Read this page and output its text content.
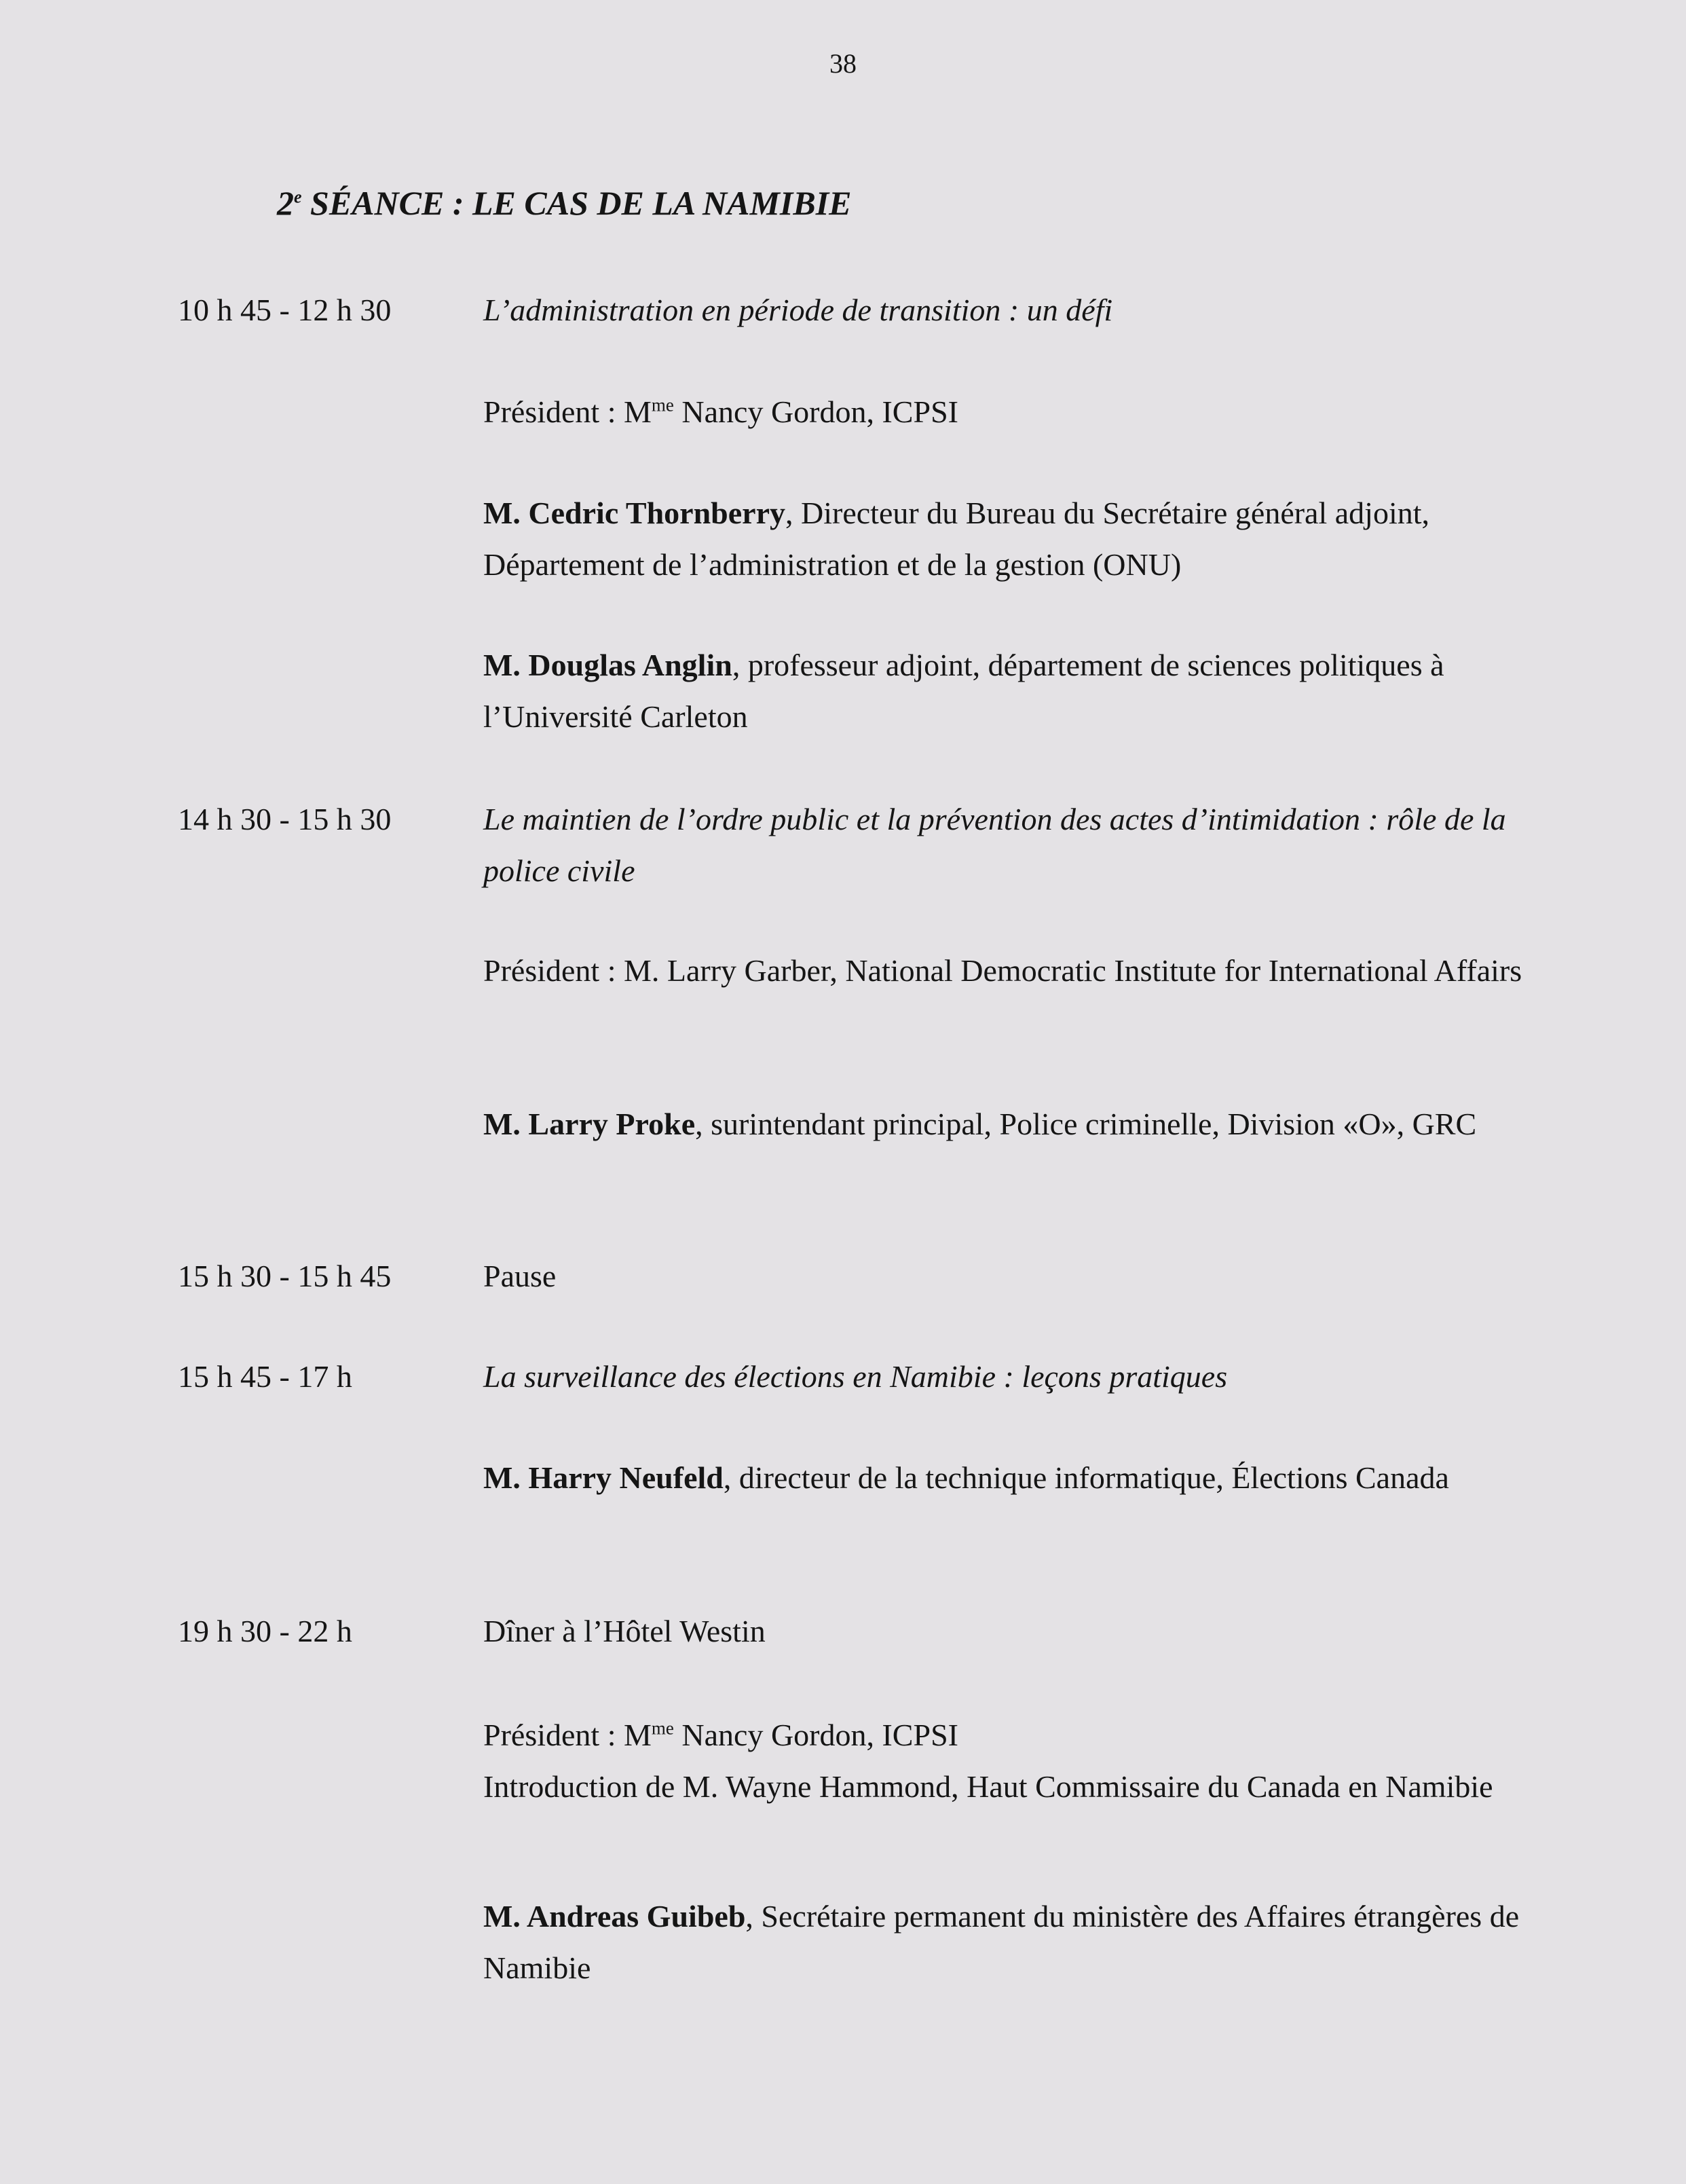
38
2e SÉANCE : LE CAS DE LA NAMIBIE
10 h 45 - 12 h 30	L’administration en période de transition : un défi
Président : $M^{me}$ Nancy Gordon, ICPSI
M. Cedric Thornberry, Directeur du Bureau du Secrétaire général adjoint, Département de l’administration et de la gestion (ONU)
M. Douglas Anglin, professeur adjoint, département de sciences politiques à l’Université Carleton
14 h 30 - 15 h 30	Le maintien de l’ordre public et la prévention des actes d’intimidation : rôle de la police civile
Président : M. Larry Garber, National Democratic Institute for International Affairs
M. Larry Proke, surintendant principal, Police criminelle, Division «O», GRC
15 h 30 - 15 h 45	Pause
15 h 45 - 17 h	La surveillance des élections en Namibie : leçons pratiques
M. Harry Neufeld, directeur de la technique informatique, Élections Canada
19 h 30 - 22 h	Dîner à l’Hôtel Westin
Président : $M^{me}$ Nancy Gordon, ICPSI
Introduction de M. Wayne Hammond, Haut Commissaire du Canada en Namibie
M. Andreas Guibeb, Secrétaire permanent du ministère des Affaires étrangères de Namibie
